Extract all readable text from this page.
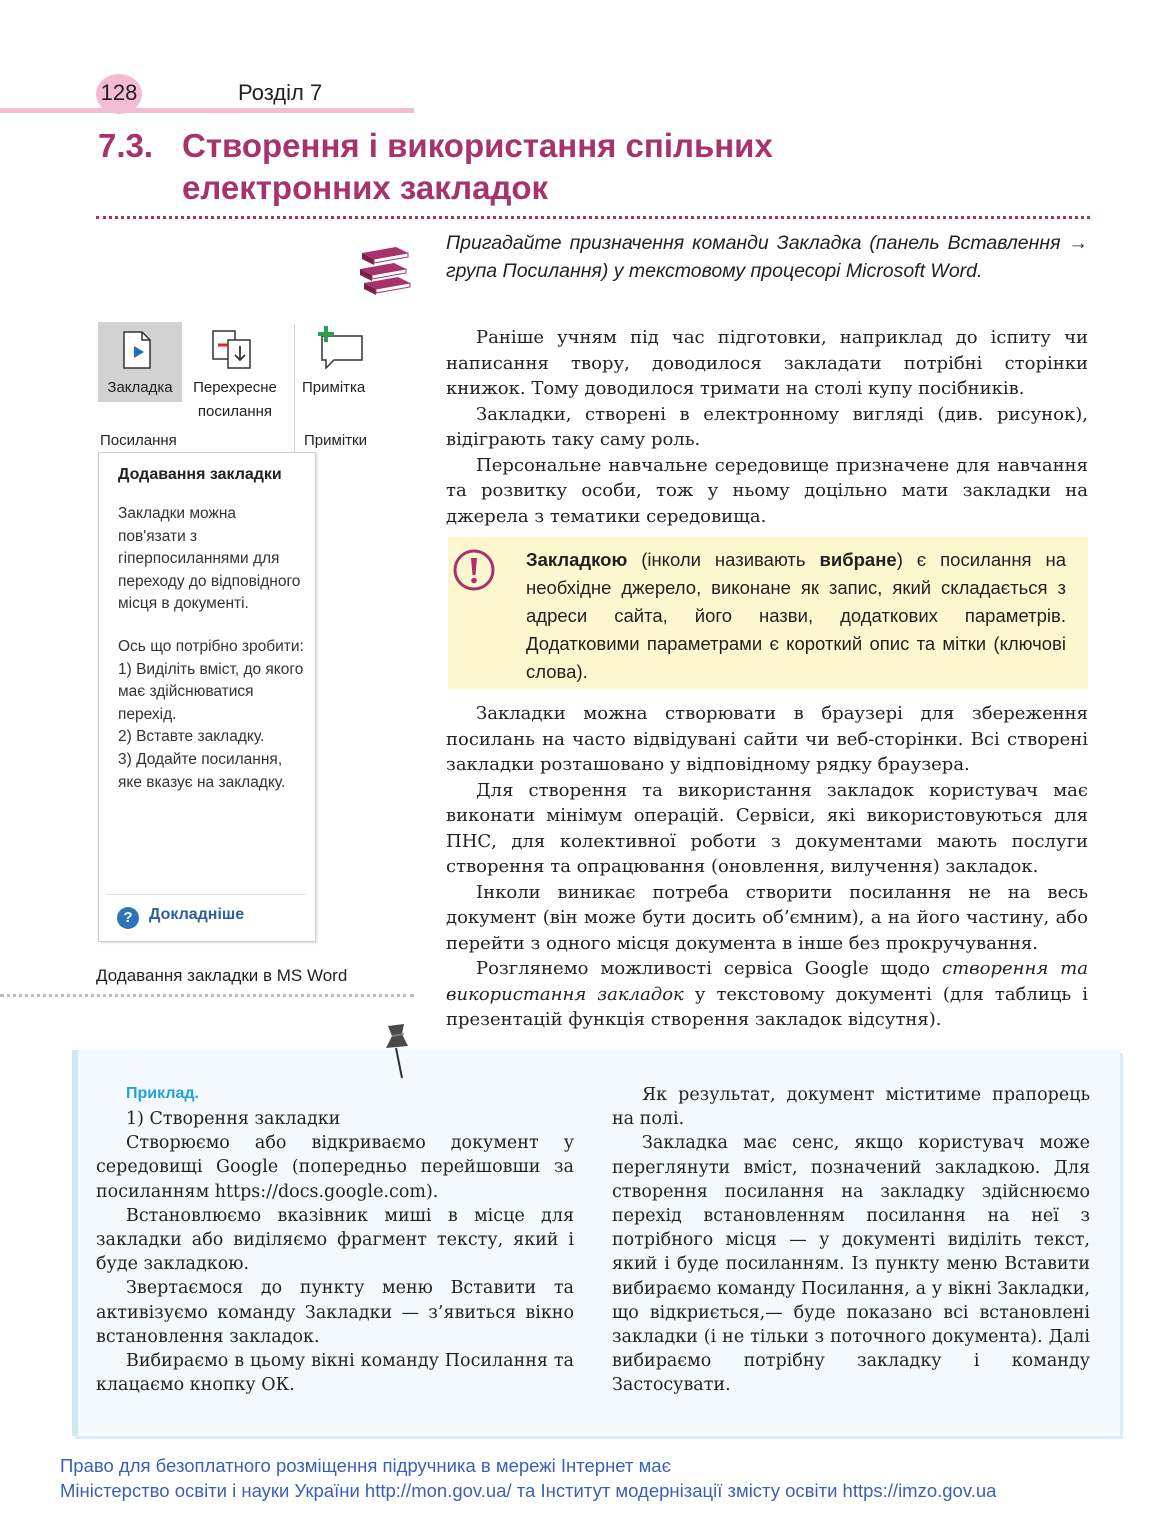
128	Розділ 7
7.3. Створення і використання спільних
електронних закладок
Пригадайте призначення команди Закладка (панель Вставлення → група Посилання) у текстовому процесорі Microsoft Word.

Раніше учням під час підготовки, наприклад до іспиту чи написання твору, доводилося закладати потрібні сторінки книжок. Тому доводилося тримати на столі купу посібників.

Закладки, створені в електронному вигляді (див. рисунок), відіграють таку саму роль.

Персональне навчальне середовище призначене для навчання та розвитку особи, тож у ньому доцільно мати закладки на джерела з тематики середовища.

Закладкою (інколи називають вибране) є посилання на необхідне джерело, виконане як запис, який складається з адреси сайта, його назви, додаткових параметрів. Додатковими параметрами є короткий опис та мітки (ключові слова).

Закладки можна створювати в браузері для збереження посилань на часто відвідувані сайти чи веб-сторінки. Всі створені закладки розташовано у відповідному рядку браузера.

Для створення та використання закладок користувач має виконати мінімум операцій. Сервіси, які використовуються для ПНС, для колективної роботи з документами мають послуги створення та опрацювання (оновлення, вилучення) закладок.

Інколи виникає потреба створити посилання не на весь документ (він може бути досить об’ємним), а на його частину, або перейти з одного місця документа в інше без прокручування.

Розглянемо можливості сервіса Google щодо створення та використання закладок у текстовому документі (для таблиць і презентацій функція створення закладок відсутня).

Закладка	Перехресне
посилання
Примітка
Посилання	Примітки
Додавання закладки

Закладки можна пов'язати з гіперпосиланнями для переходу до відповідного місця в документі.

Ось що потрібно зробити:
1) Виділіть вміст, до якого має здійснюватися перехід.
2) Вставте закладку.
3) Додайте посилання, яке вказує на закладку.

?	Докладніше
Додавання закладки в MS Word
Приклад.

1) Створення закладки

Створюємо або відкриваємо документ у середовищі Google (попередньо перейшовши за посиланням https://docs.google.com).

Встановлюємо вказівник миші в місце для закладки або виділяємо фрагмент тексту, який і буде закладкою.

Звертаємося до пункту меню Вставити та активізуємо команду Закладки — з’явиться вікно встановлення закладок.

Вибираємо в цьому вікні команду Посилання та клацаємо кнопку ОК.

Як результат, документ міститиме прапорець на полі.

Закладка має сенс, якщо користувач може переглянути вміст, позначений закладкою. Для створення посилання на закладку здійснюємо перехід встановленням посилання на неї з потрібного місця — у документі виділіть текст, який і буде посиланням. Із пункту меню Вставити вибираємо команду Посилання, а у вікні Закладки, що відкриється,— буде показано всі встановлені закладки (і не тільки з поточного документа). Далі вибираємо потрібну закладку і команду Застосувати.

Право для безоплатного розміщення підручника в мережі Інтернет має
Міністерство освіти і науки України http://mon.gov.ua/ та Інститут модернізації змісту освіти https://imzo.gov.ua
